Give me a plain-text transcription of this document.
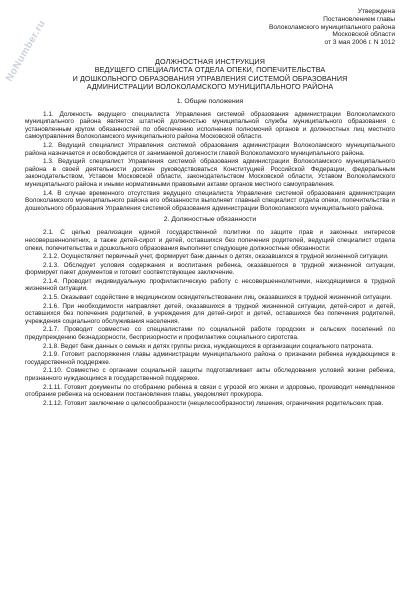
NoNumber.ru
Утверждена
Постановлением главы
Волоколамского муниципального района
Московской области
от 3 мая 2006 г. N 1012
ДОЛЖНОСТНАЯ ИНСТРУКЦИЯ
ВЕДУЩЕГО СПЕЦИАЛИСТА ОТДЕЛА ОПЕКИ, ПОПЕЧИТЕЛЬСТВА
И ДОШКОЛЬНОГО ОБРАЗОВАНИЯ УПРАВЛЕНИЯ СИСТЕМОЙ ОБРАЗОВАНИЯ
АДМИНИСТРАЦИИ ВОЛОКОЛАМСКОГО МУНИЦИПАЛЬНОГО РАЙОНА
1. Общие положения

1.1. Должность ведущего специалиста Управления системой образования администрации Волоколамского муниципального района является штатной должностью муниципальной службы муниципального образования с установленным кругом обязанностей по обеспечению исполнения полномочий органов и должностных лиц местного самоуправления Волоколамского муниципального района Московской области.

1.2. Ведущий специалист Управления системой образования администрации Волоколамского муниципального района назначается и освобождается от занимаемой должности главой Волоколамского муниципального района.

1.3. Ведущий специалист Управления системой образования администрации Волоколамского муниципального района в своей деятельности должен руководствоваться Конституцией Российской Федерации, федеральным законодательством, Уставом Московской области, законодательством Московской области, Уставом Волоколамского муниципального района и иными нормативными правовыми актами органов местного самоуправления.

1.4. В случае временного отсутствия ведущего специалиста Управления системой образования администрации Волоколамского муниципального района его обязанности выполняет главный специалист отдела опеки, попечительства и дошкольного образования Управления системой образования администрации Волоколамского муниципального района.

2. Должностные обязанности

2.1. С целью реализации единой государственной политики по защите прав и законных интересов несовершеннолетних, а также детей-сирот и детей, оставшихся без попечения родителей, ведущий специалист отдела опеки, попечительства и дошкольного образования выполняет следующие должностные обязанности:

2.1.2. Осуществляет первичный учет, формирует банк данных о детях, оказавшихся в трудной жизненной ситуации.

2.1.3. Обследует условия содержания и воспитания ребенка, оказавшегося в трудной жизненной ситуации, формирует пакет документов и готовит соответствующее заключение.

2.1.4. Проводит индивидуальную профилактическую работу с несовершеннолетними, находящимися в трудной жизненной ситуации.

2.1.5. Оказывает содействие в медицинском освидетельствовании лиц, оказавшихся в трудной жизненной ситуации.

2.1.6. При необходимости направляет детей, оказавшихся в трудной жизненной ситуации, детей-сирот и детей, оставшихся без попечения родителей, в учреждения для детей-сирот и детей, оставшихся без попечения родителей, учреждения социального обслуживания населения.

2.1.7. Проводит совместно со специалистами по социальной работе городских и сельских поселений по предупреждению безнадзорности, беспризорности и профилактике социального сиротства.

2.1.8. Ведет банк данных о семьях и детях группы риска, нуждающихся в организации социального патроната.

2.1.9. Готовит распоряжения главы администрации муниципального района о признании ребенка нуждающимся в государственной поддержке.

2.1.10. Совместно с органами социальной защиты подготавливает акты обследования условий жизни ребенка, признанного нуждающимся в государственной поддержке.

2.1.11. Готовит документы по отобранию ребенка в связи с угрозой его жизни и здоровью, производит немедленное отобрание ребенка на основании постановления главы, уведомляет прокурора.

2.1.12. Готовит заключение о целесообразности (нецелесообразности) лишения, ограничения родительских прав.
